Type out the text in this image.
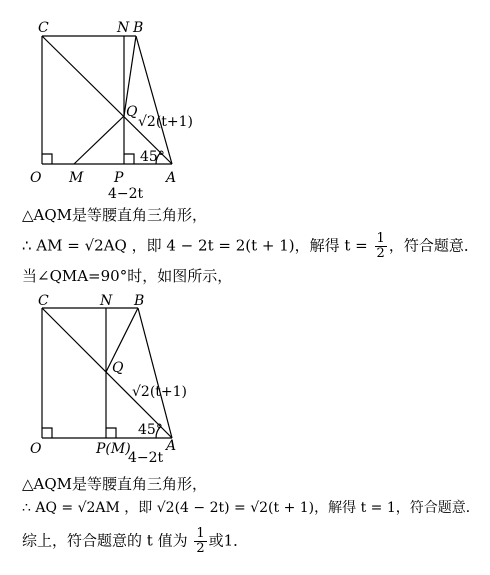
C	N B
Q
√2(t+1)
45°
O M P	A
4−2t
△AQM是等腰直角三角形，
∴ AM = √2AQ ，即 4 − 2t = 2(t + 1)，解得 $t = \frac{1}{2}$ ，符合题意．
当∠QMA=90°时，如图所示，
C	N B
Q
√2(t+1)
45°
O	P(M)	A
4−2t
△AQM是等腰直角三角形，
∴ AQ = √2AM ，即 √2(4 − 2t) = √2(t + 1)，解得 t = 1，符合题意．
综上，符合题意的 t 值为 $\frac{1}{2}$ 或1．
